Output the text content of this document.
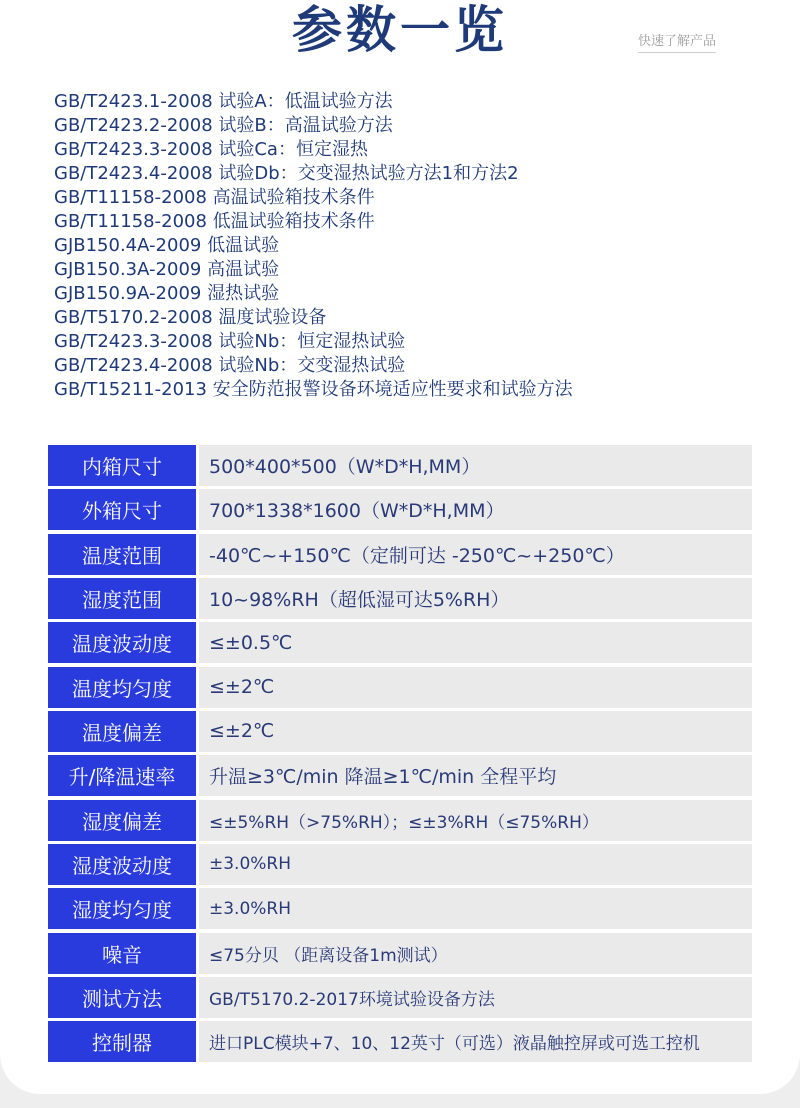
参数一览	快速了解产品
GB/T2423.1-2008 试验A：低温试验方法
GB/T2423.2-2008 试验B：高温试验方法
GB/T2423.3-2008 试验Ca：恒定湿热
GB/T2423.4-2008 试验Db：交变湿热试验方法1和方法2
GB/T11158-2008 高温试验箱技术条件
GB/T11158-2008 低温试验箱技术条件
GJB150.4A-2009 低温试验
GJB150.3A-2009 高温试验
GJB150.9A-2009 湿热试验
GB/T5170.2-2008 温度试验设备
GB/T2423.3-2008 试验Nb：恒定湿热试验
GB/T2423.4-2008 试验Nb：交变湿热试验
GB/T15211-2013 安全防范报警设备环境适应性要求和试验方法
内箱尺寸	500*400*500（W*D*H,MM）
外箱尺寸	700*1338*1600（W*D*H,MM）
温度范围	-40℃~+150℃（定制可达 -250℃~+250℃）
湿度范围	10~98%RH（超低湿可达5%RH）
温度波动度	≤±0.5℃
温度均匀度	≤±2℃
温度偏差	≤±2℃
升/降温速率	升温≥3℃/min 降温≥1℃/min 全程平均
湿度偏差	≤±5%RH（>75%RH）；≤±3%RH（≤75%RH）
湿度波动度	±3.0%RH
湿度均匀度	±3.0%RH
噪音	≤75分贝 （距离设备1m测试）
测试方法	GB/T5170.2-2017环境试验设备方法
控制器	进口PLC模块+7、10、12英寸（可选）液晶触控屏或可选工控机
